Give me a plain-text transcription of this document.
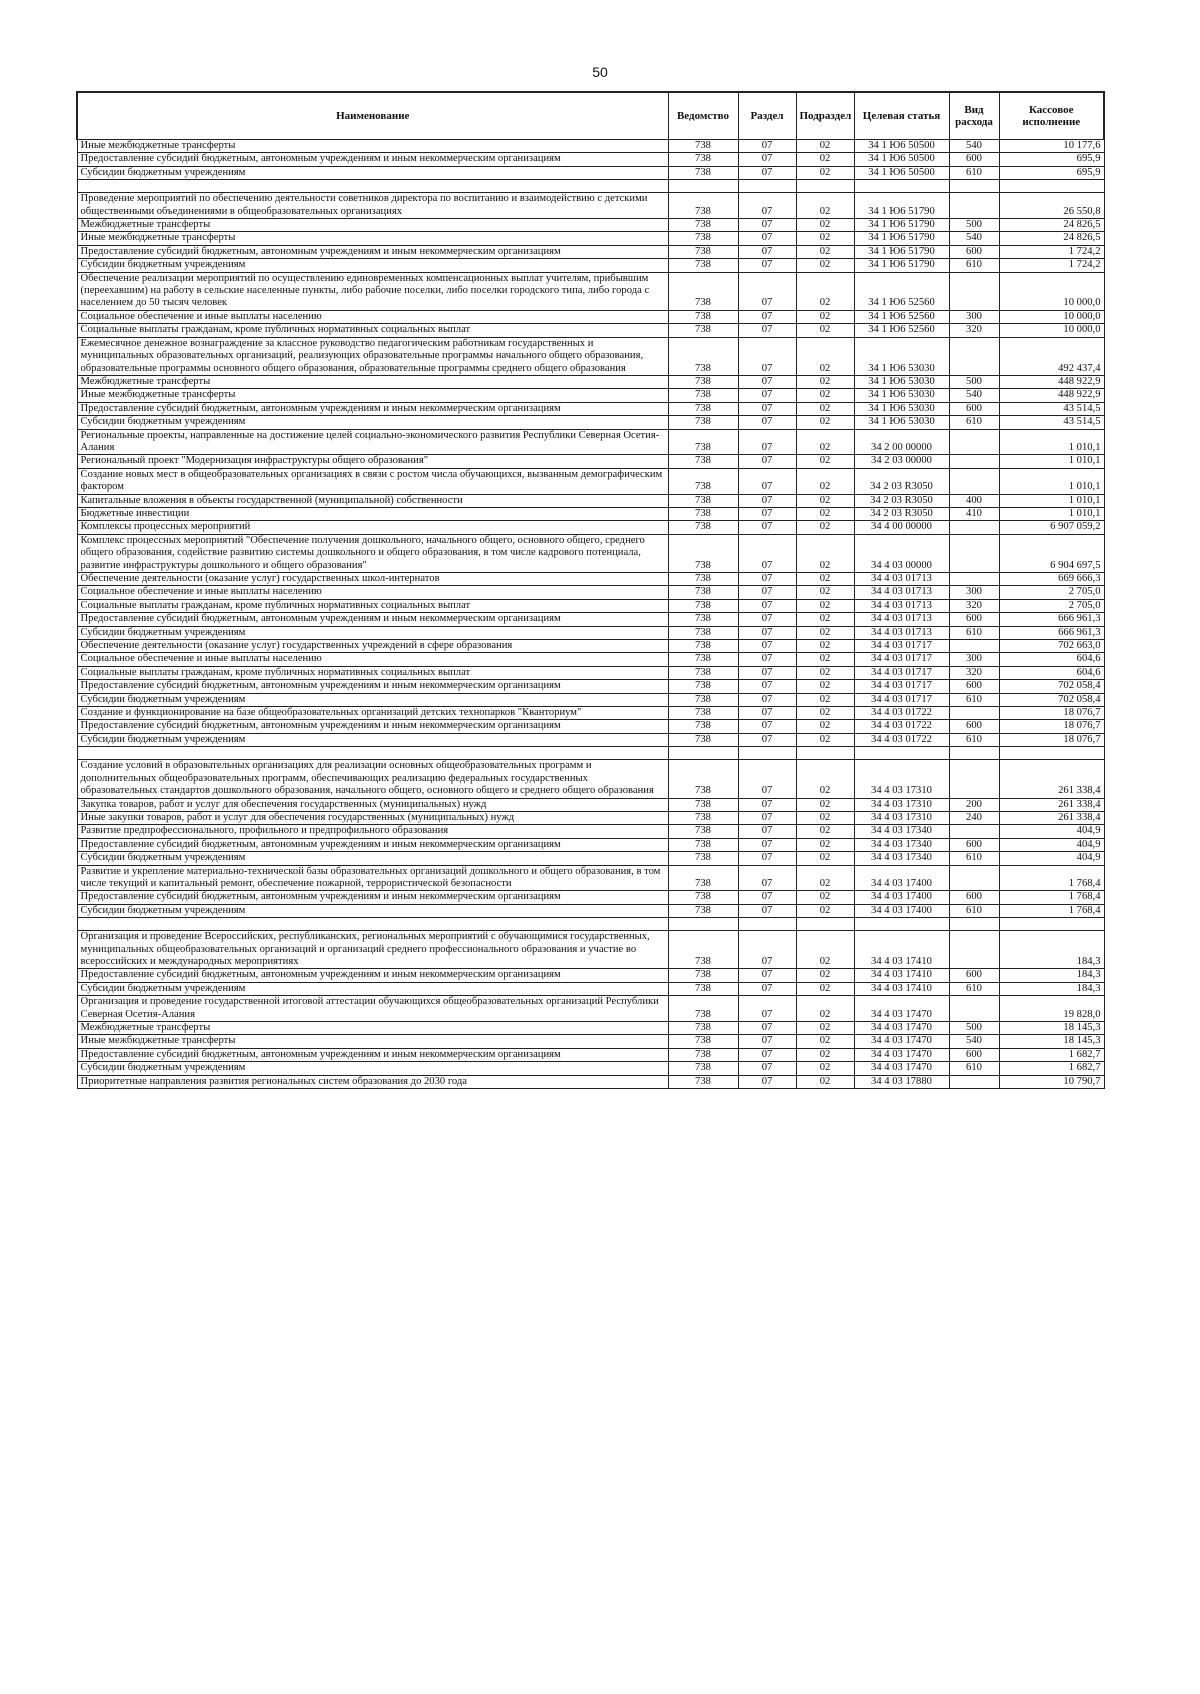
50
Наименование	Ведомство	Раздел	Подраздел	Целевая статья	Вид расхода	Кассовое исполнение
Иные межбюджетные трансферты	738	07	02	34 1 Ю6 50500	540	10 177,6
Предоставление субсидий бюджетным, автономным учреждениям и иным некоммерческим организациям	738	07	02	34 1 Ю6 50500	600	695,9
Субсидии бюджетным учреждениям	738	07	02	34 1 Ю6 50500	610	695,9

Проведение мероприятий по обеспечению деятельности советников директора по воспитанию и взаимодействию с детскими общественными объединениями в общеобразовательных организациях	738	07	02	34 1 Ю6 51790		26 550,8
Межбюджетные трансферты	738	07	02	34 1 Ю6 51790	500	24 826,5
Иные межбюджетные трансферты	738	07	02	34 1 Ю6 51790	540	24 826,5
Предоставление субсидий бюджетным, автономным учреждениям и иным некоммерческим организациям	738	07	02	34 1 Ю6 51790	600	1 724,2
Субсидии бюджетным учреждениям	738	07	02	34 1 Ю6 51790	610	1 724,2
Обеспечение реализации мероприятий по осуществлению единовременных компенсационных выплат учителям, прибывшим (переехавшим) на работу в сельские населенные пункты, либо рабочие поселки, либо поселки городского типа, либо города с населением до 50 тысяч человек	738	07	02	34 1 Ю6 52560		10 000,0
Социальное обеспечение и иные выплаты населению	738	07	02	34 1 Ю6 52560	300	10 000,0
Социальные выплаты гражданам, кроме публичных нормативных социальных выплат	738	07	02	34 1 Ю6 52560	320	10 000,0
Ежемесячное денежное вознаграждение за классное руководство педагогическим работникам государственных и муниципальных образовательных организаций, реализующих образовательные программы начального общего образования, образовательные программы основного общего образования, образовательные программы среднего общего образования	738	07	02	34 1 Ю6 53030		492 437,4
Межбюджетные трансферты	738	07	02	34 1 Ю6 53030	500	448 922,9
Иные межбюджетные трансферты	738	07	02	34 1 Ю6 53030	540	448 922,9
Предоставление субсидий бюджетным, автономным учреждениям и иным некоммерческим организациям	738	07	02	34 1 Ю6 53030	600	43 514,5
Субсидии бюджетным учреждениям	738	07	02	34 1 Ю6 53030	610	43 514,5
Региональные проекты, направленные на достижение целей социально-экономического развития Республики Северная Осетия-Алания	738	07	02	34 2 00 00000		1 010,1
Региональный проект "Модернизация инфраструктуры общего образования"	738	07	02	34 2 03 00000		1 010,1
Создание новых мест в общеобразовательных организациях в связи с ростом числа обучающихся, вызванным демографическим фактором	738	07	02	34 2 03 R3050		1 010,1
Капитальные вложения в объекты государственной (муниципальной) собственности	738	07	02	34 2 03 R3050	400	1 010,1
Бюджетные инвестиции	738	07	02	34 2 03 R3050	410	1 010,1
Комплексы процессных мероприятий	738	07	02	34 4 00 00000		6 907 059,2
Комплекс процессных мероприятий "Обеспечение получения дошкольного, начального общего, основного общего, среднего общего образования, содействие развитию системы дошкольного и общего образования, в том числе кадрового потенциала, развитие инфраструктуры дошкольного и общего образования"	738	07	02	34 4 03 00000		6 904 697,5
Обеспечение деятельности (оказание услуг) государственных школ-интернатов	738	07	02	34 4 03 01713		669 666,3
Социальное обеспечение и иные выплаты населению	738	07	02	34 4 03 01713	300	2 705,0
Социальные выплаты гражданам, кроме публичных нормативных социальных выплат	738	07	02	34 4 03 01713	320	2 705,0
Предоставление субсидий бюджетным, автономным учреждениям и иным некоммерческим организациям	738	07	02	34 4 03 01713	600	666 961,3
Субсидии бюджетным учреждениям	738	07	02	34 4 03 01713	610	666 961,3
Обеспечение деятельности (оказание услуг) государственных учреждений в сфере образования	738	07	02	34 4 03 01717		702 663,0
Социальное обеспечение и иные выплаты населению	738	07	02	34 4 03 01717	300	604,6
Социальные выплаты гражданам, кроме публичных нормативных социальных выплат	738	07	02	34 4 03 01717	320	604,6
Предоставление субсидий бюджетным, автономным учреждениям и иным некоммерческим организациям	738	07	02	34 4 03 01717	600	702 058,4
Субсидии бюджетным учреждениям	738	07	02	34 4 03 01717	610	702 058,4
Создание и функционирование на базе общеобразовательных организаций детских технопарков "Кванториум"	738	07	02	34 4 03 01722		18 076,7
Предоставление субсидий бюджетным, автономным учреждениям и иным некоммерческим организациям	738	07	02	34 4 03 01722	600	18 076,7
Субсидии бюджетным учреждениям	738	07	02	34 4 03 01722	610	18 076,7

Создание условий в образовательных организациях для реализации основных общеобразовательных программ и дополнительных общеобразовательных программ, обеспечивающих реализацию федеральных государственных образовательных стандартов дошкольного образования, начального общего, основного общего и среднего общего образования	738	07	02	34 4 03 17310		261 338,4
Закупка товаров, работ и услуг для обеспечения государственных (муниципальных) нужд	738	07	02	34 4 03 17310	200	261 338,4
Иные закупки товаров, работ и услуг для обеспечения государственных (муниципальных) нужд	738	07	02	34 4 03 17310	240	261 338,4
Развитие предпрофессионального, профильного и предпрофильного образования	738	07	02	34 4 03 17340		404,9
Предоставление субсидий бюджетным, автономным учреждениям и иным некоммерческим организациям	738	07	02	34 4 03 17340	600	404,9
Субсидии бюджетным учреждениям	738	07	02	34 4 03 17340	610	404,9
Развитие и укрепление материально-технической базы образовательных организаций дошкольного и общего образования, в том числе текущий и капитальный ремонт, обеспечение пожарной, террористической безопасности	738	07	02	34 4 03 17400		1 768,4
Предоставление субсидий бюджетным, автономным учреждениям и иным некоммерческим организациям	738	07	02	34 4 03 17400	600	1 768,4
Субсидии бюджетным учреждениям	738	07	02	34 4 03 17400	610	1 768,4

Организация и проведение Всероссийских, республиканских, региональных мероприятий с обучающимися государственных, муниципальных общеобразовательных организаций и организаций среднего профессионального образования и участие во всероссийских и международных мероприятиях	738	07	02	34 4 03 17410		184,3
Предоставление субсидий бюджетным, автономным учреждениям и иным некоммерческим организациям	738	07	02	34 4 03 17410	600	184,3
Субсидии бюджетным учреждениям	738	07	02	34 4 03 17410	610	184,3
Организация и проведение государственной итоговой аттестации обучающихся общеобразовательных организаций Республики Северная Осетия-Алания	738	07	02	34 4 03 17470		19 828,0
Межбюджетные трансферты	738	07	02	34 4 03 17470	500	18 145,3
Иные межбюджетные трансферты	738	07	02	34 4 03 17470	540	18 145,3
Предоставление субсидий бюджетным, автономным учреждениям и иным некоммерческим организациям	738	07	02	34 4 03 17470	600	1 682,7
Субсидии бюджетным учреждениям	738	07	02	34 4 03 17470	610	1 682,7
Приоритетные направления развития региональных систем образования до 2030 года	738	07	02	34 4 03 17880		10 790,7
